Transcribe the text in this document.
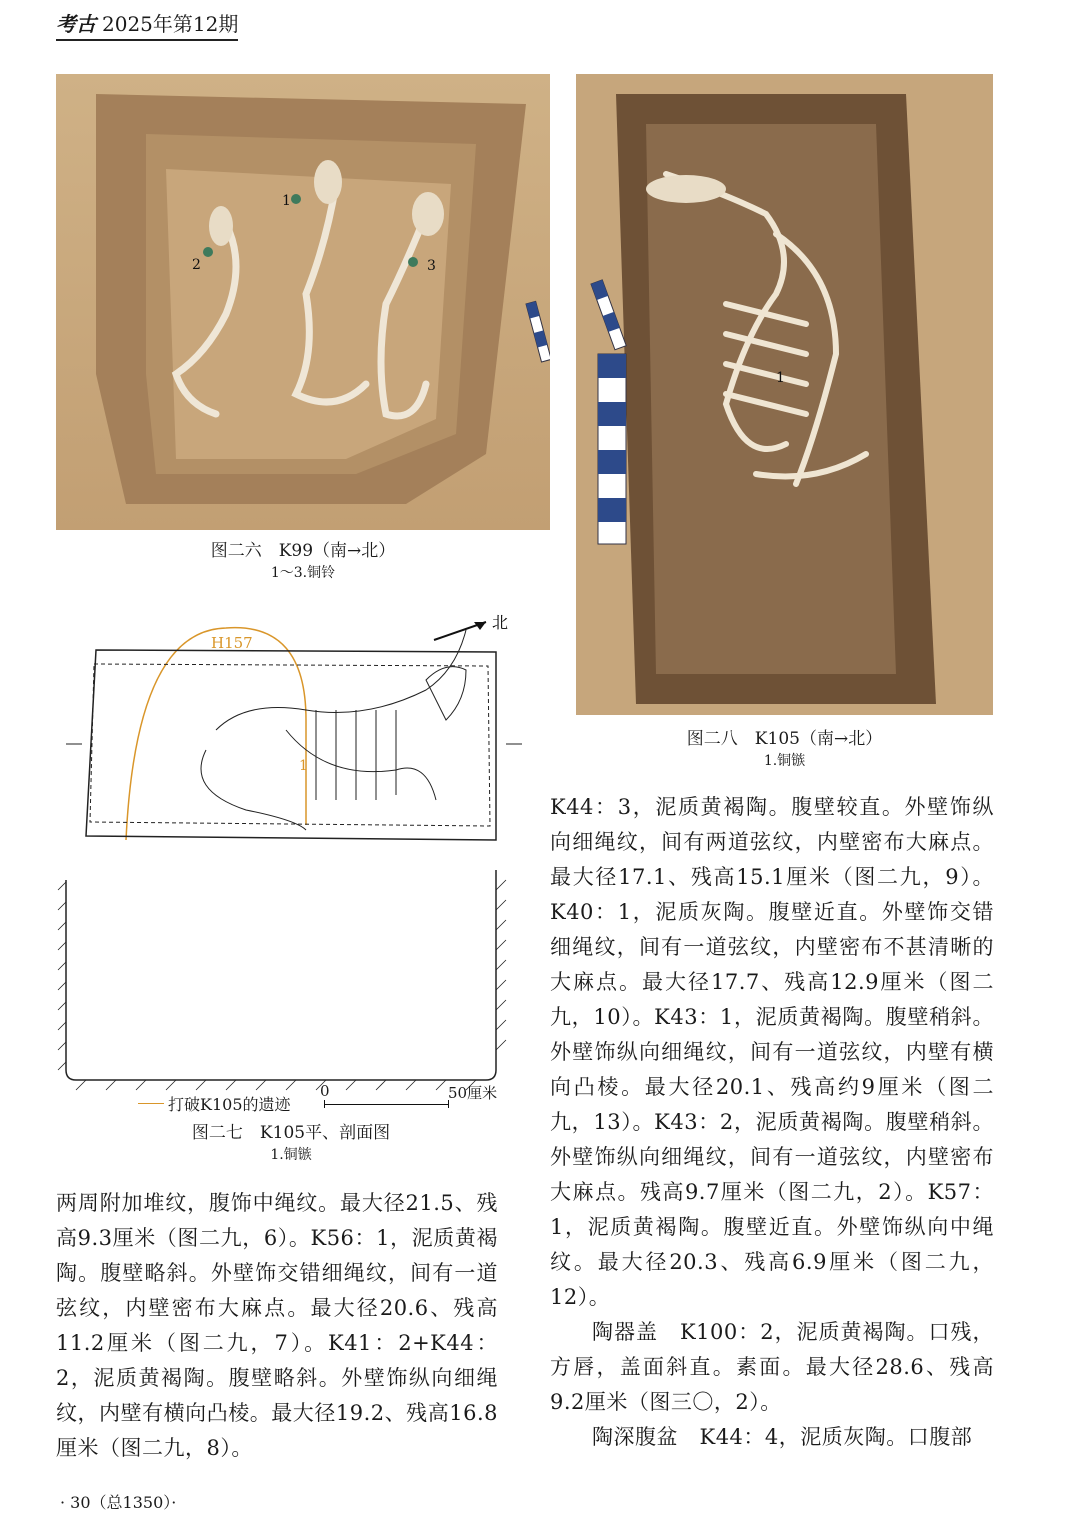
考古 2025年第12期
1
2	3
图二六　K99（南→北）
1～3.铜铃
1
图二八　K105（南→北）
1.铜镞
北
H157
1
打破K105的遗迹
0	50厘米
图二七　K105平、剖面图
1.铜镞

两周附加堆纹，腹饰中绳纹。最大径21.5、残高9.3厘米（图二九，6）。K56：1，泥质黄褐陶。腹壁略斜。外壁饰交错细绳纹，间有一道弦纹，内壁密布大麻点。最大径20.6、残高11.2厘米（图二九，7）。K41：2+K44：2，泥质黄褐陶。腹壁略斜。外壁饰纵向细绳纹，内壁有横向凸棱。最大径19.2、残高16.8厘米（图二九，8）。

K44：3，泥质黄褐陶。腹壁较直。外壁饰纵向细绳纹，间有两道弦纹，内壁密布大麻点。最大径17.1、残高15.1厘米（图二九，9）。K40：1，泥质灰陶。腹壁近直。外壁饰交错细绳纹，间有一道弦纹，内壁密布不甚清晰的大麻点。最大径17.7、残高12.9厘米（图二九，10）。K43：1，泥质黄褐陶。腹壁稍斜。外壁饰纵向细绳纹，间有一道弦纹，内壁有横向凸棱。最大径20.1、残高约9厘米（图二九，13）。K43：2，泥质黄褐陶。腹壁稍斜。外壁饰纵向细绳纹，间有一道弦纹，内壁密布大麻点。残高9.7厘米（图二九，2）。K57：1，泥质黄褐陶。腹壁近直。外壁饰纵向中绳纹。最大径20.3、残高6.9厘米（图二九，12）。

陶器盖　K100：2，泥质黄褐陶。口残，方唇，盖面斜直。素面。最大径28.6、残高9.2厘米（图三〇，2）。

陶深腹盆　K44：4，泥质灰陶。口腹部

· 30（总1350）·
